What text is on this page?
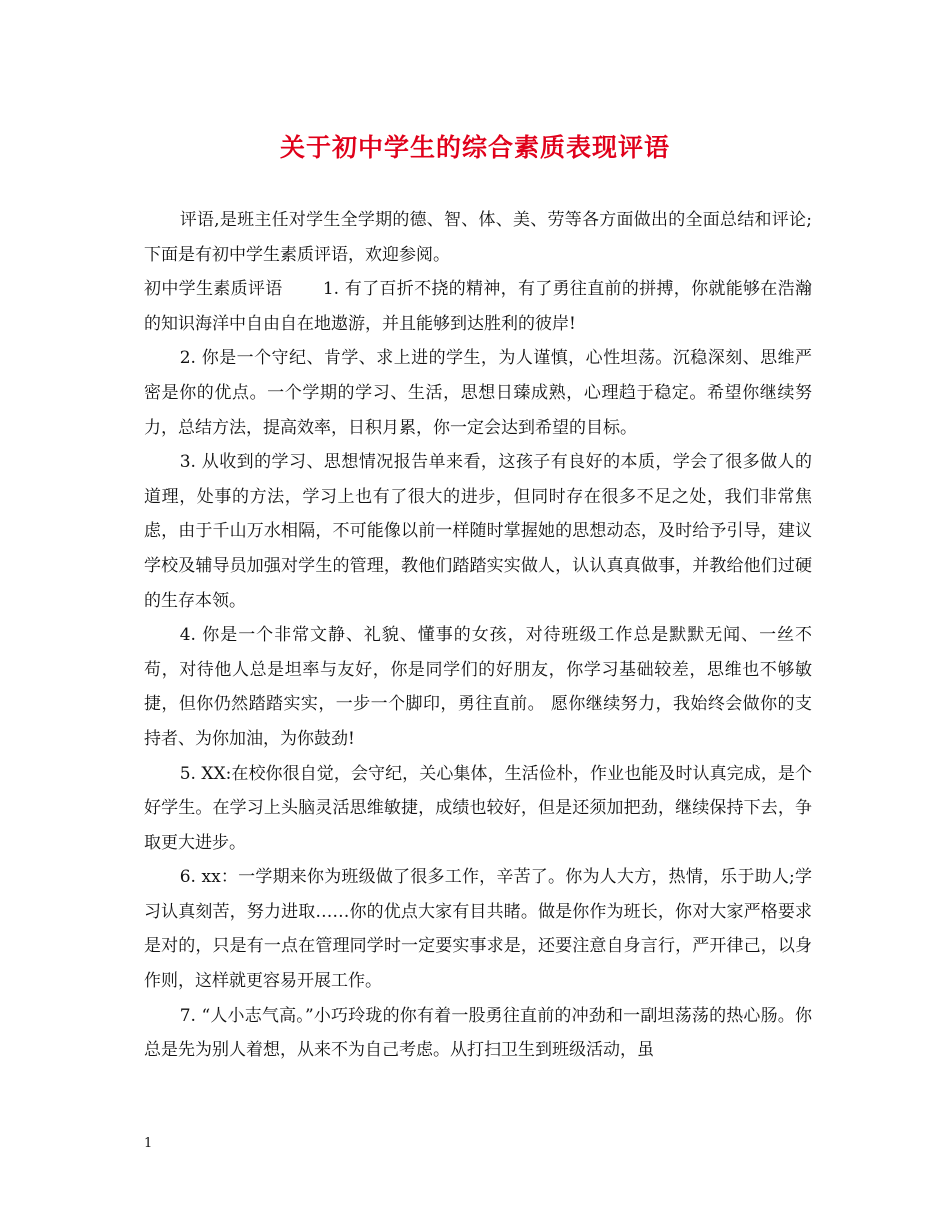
关于初中学生的综合素质表现评语

评语,是班主任对学生全学期的德、智、体、美、劳等各方面做出的全面总结和评论;下面是有初中学生素质评语，欢迎参阅。

初中学生素质评语　　 1. 有了百折不挠的精神，有了勇往直前的拼搏，你就能够在浩瀚的知识海洋中自由自在地遨游，并且能够到达胜利的彼岸!

2. 你是一个守纪、肯学、求上进的学生，为人谨慎，心性坦荡。沉稳深刻、思维严密是你的优点。一个学期的学习、生活，思想日臻成熟，心理趋于稳定。希望你继续努力，总结方法，提高效率，日积月累，你一定会达到希望的目标。

3. 从收到的学习、思想情况报告单来看，这孩子有良好的本质，学会了很多做人的道理，处事的方法，学习上也有了很大的进步，但同时存在很多不足之处，我们非常焦虑，由于千山万水相隔，不可能像以前一样随时掌握她的思想动态，及时给予引导，建议学校及辅导员加强对学生的管理，教他们踏踏实实做人，认认真真做事，并教给他们过硬的生存本领。

4. 你是一个非常文静、礼貌、懂事的女孩，对待班级工作总是默默无闻、一丝不苟，对待他人总是坦率与友好，你是同学们的好朋友，你学习基础较差，思维也不够敏捷，但你仍然踏踏实实，一步一个脚印，勇往直前。 愿你继续努力，我始终会做你的支持者、为你加油，为你鼓劲!

5. XX:在校你很自觉，会守纪，关心集体，生活俭朴，作业也能及时认真完成，是个好学生。在学习上头脑灵活思维敏捷，成绩也较好，但是还须加把劲，继续保持下去，争取更大进步。

6. xx：一学期来你为班级做了很多工作，辛苦了。你为人大方，热情，乐于助人;学习认真刻苦，努力进取……你的优点大家有目共睹。做是你作为班长，你对大家严格要求是对的，只是有一点在管理同学时一定要实事求是，还要注意自身言行，严开律己，以身作则，这样就更容易开展工作。

7. “人小志气高。”小巧玲珑的你有着一股勇往直前的冲劲和一副坦荡荡的热心肠。你总是先为别人着想，从来不为自己考虑。从打扫卫生到班级活动，虽

1
